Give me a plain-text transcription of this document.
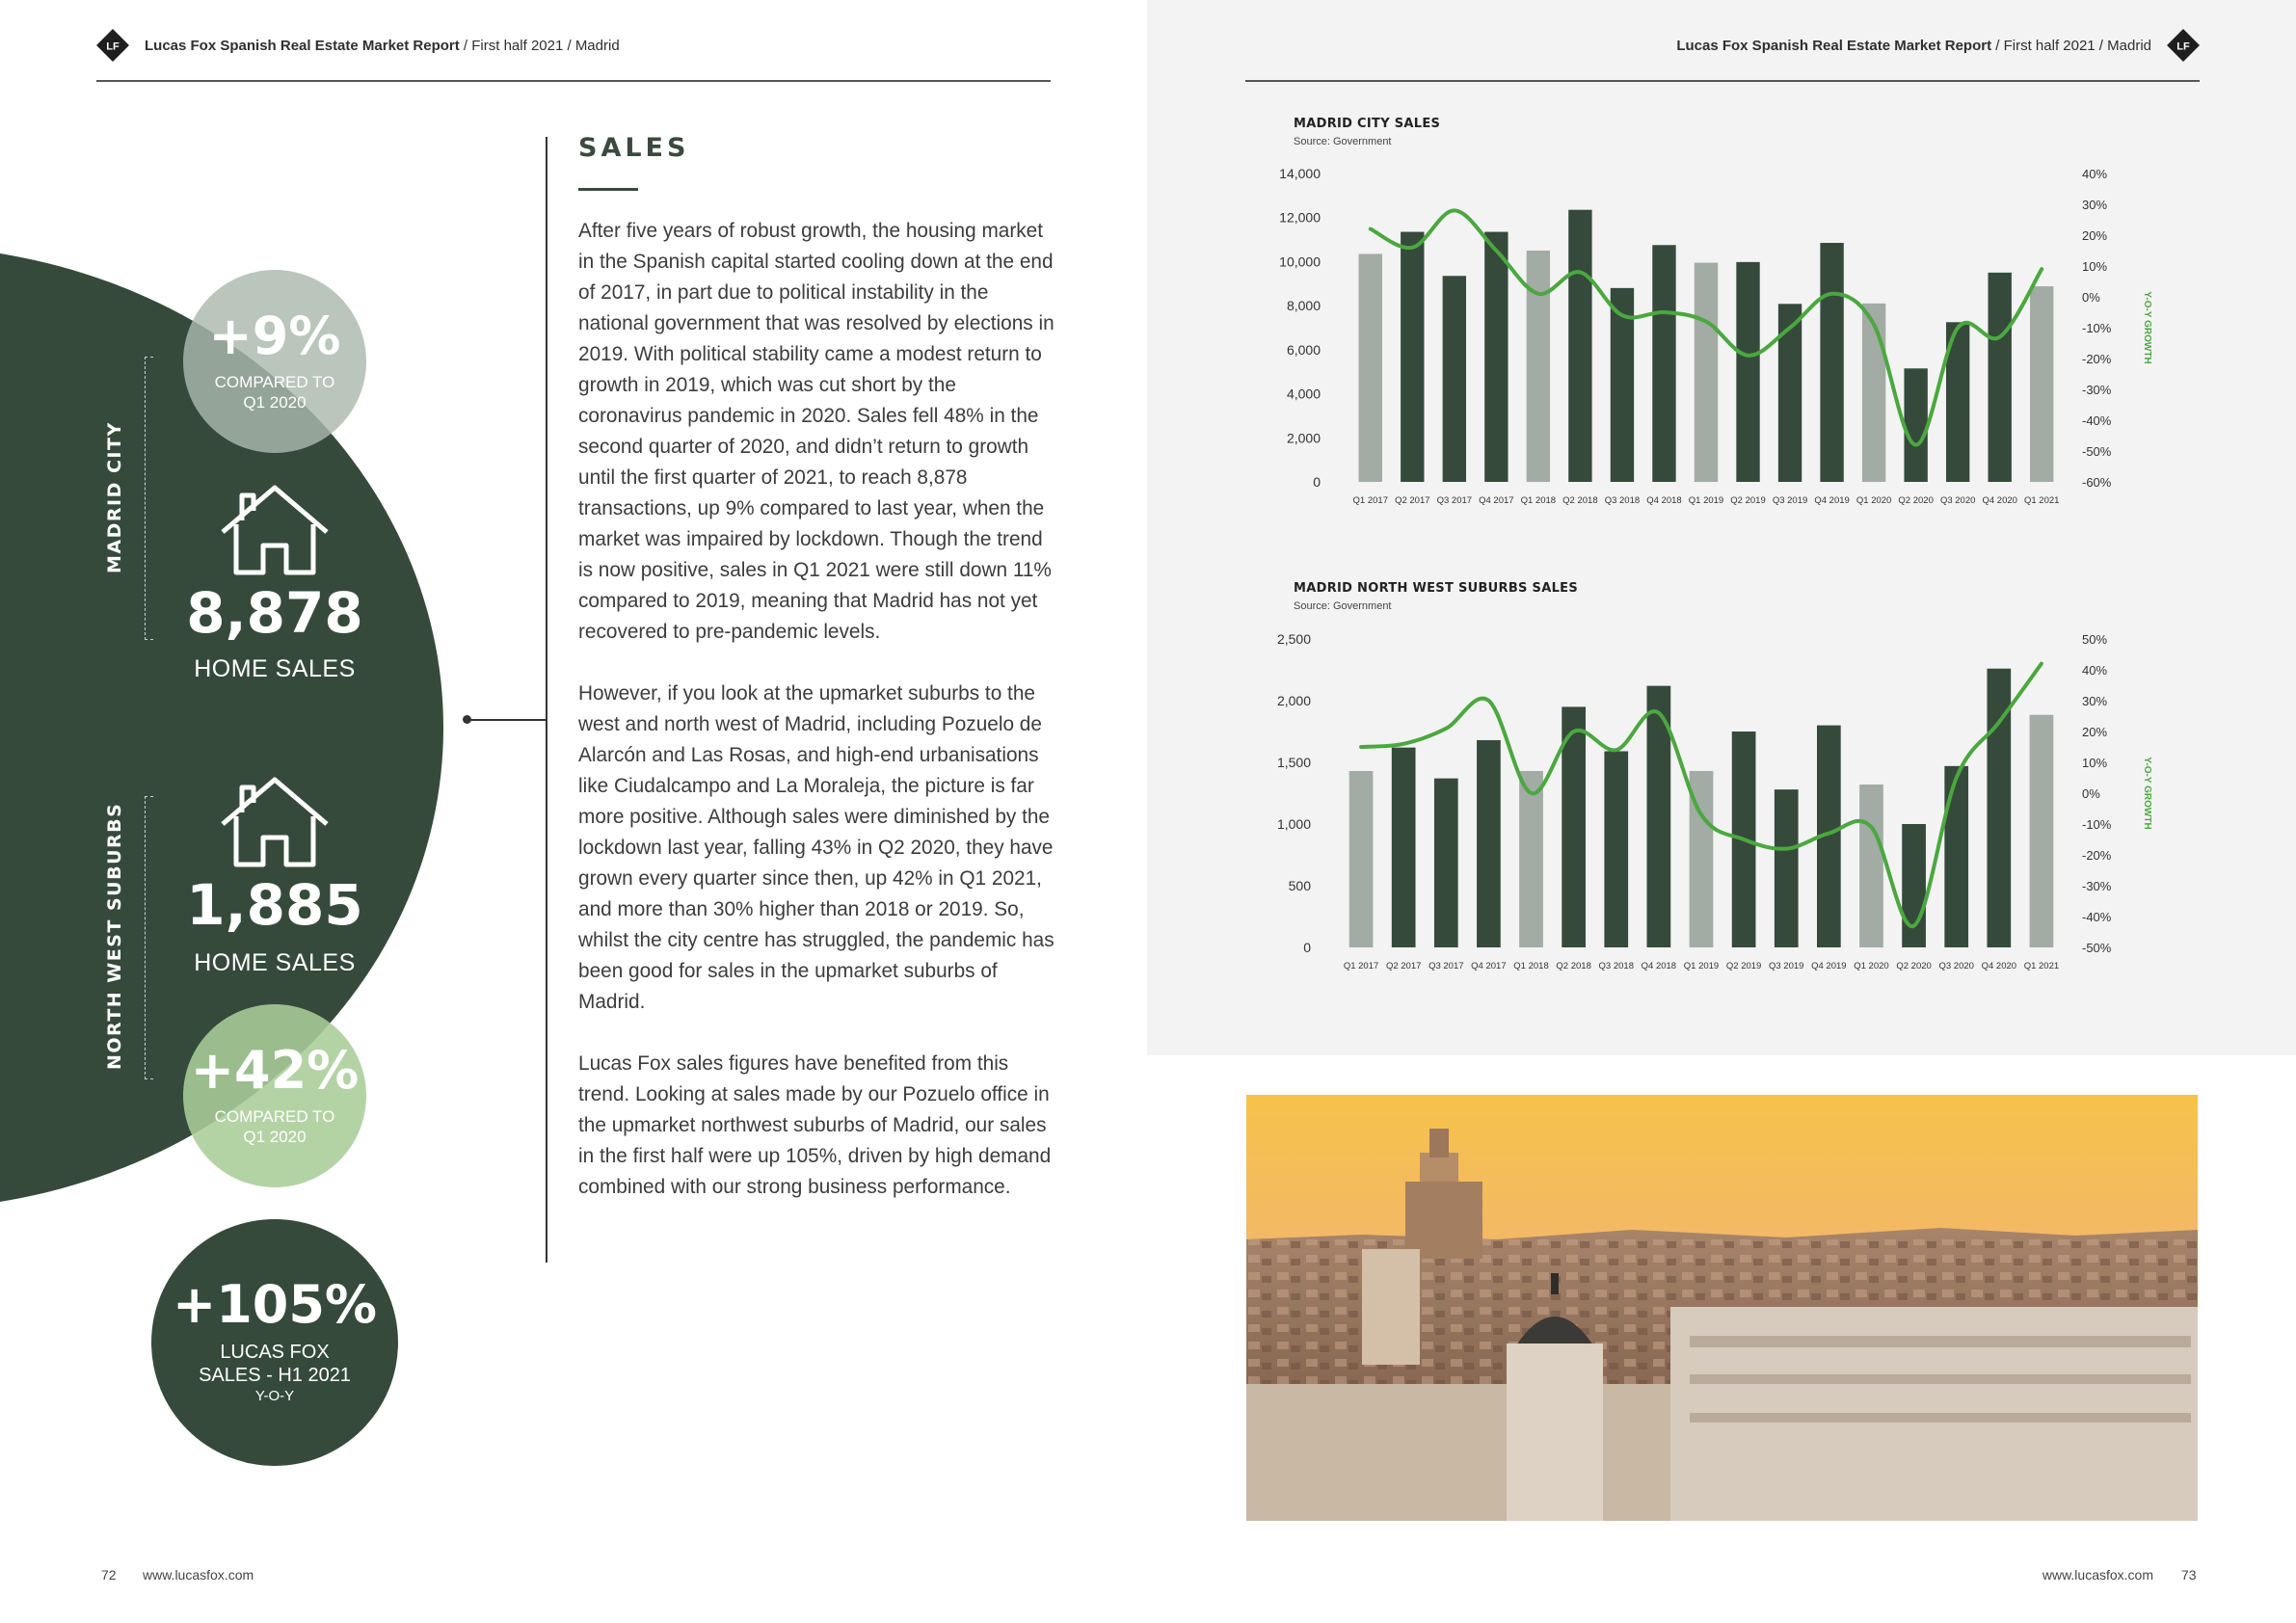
LF Lucas Fox Spanish Real Estate Market Report / First half 2021 / Madrid	Lucas Fox Spanish Real Estate Market Report / First half 2021 / Madrid LF
MADRID CITY
+9%
COMPARED TO
Q1 2020
8,878
HOME SALES
NORTH WEST SUBURBS	1,885
HOME SALES
+42%
COMPARED TO
Q1 2020
+105%
LUCAS FOX
SALES - H1 2021
Y-O-Y
SALES

After five years of robust growth, the housing market in the Spanish capital started cooling down at the end of 2017, in part due to political instability in the national government that was resolved by elections in 2019. With political stability came a modest return to growth in 2019, which was cut short by the coronavirus pandemic in 2020. Sales fell 48% in the second quarter of 2020, and didn’t return to growth until the first quarter of 2021, to reach 8,878 transactions, up 9% compared to last year, when the market was impaired by lockdown. Though the trend is now positive, sales in Q1 2021 were still down 11% compared to 2019, meaning that Madrid has not yet recovered to pre-pandemic levels.

However, if you look at the upmarket suburbs to the west and north west of Madrid, including Pozuelo de Alarcón and Las Rosas, and high-end urbanisations like Ciudalcampo and La Moraleja, the picture is far more positive. Although sales were diminished by the lockdown last year, falling 43% in Q2 2020, they have grown every quarter since then, up 42% in Q1 2021, and more than 30% higher than 2018 or 2019. So, whilst the city centre has struggled, the pandemic has been good for sales in the upmarket suburbs of Madrid.

Lucas Fox sales figures have benefited from this trend. Looking at sales made by our Pozuelo office in the upmarket northwest suburbs of Madrid, our sales in the first half were up 105%, driven by high demand combined with our strong business performance.

MADRID CITY SALES
Source: Government
0
2,000
4,000
6,000
8,000
10,000
12,000
14,000
-60%
-50%
-40%
-30%
-20%
-10%
0%
10%
20%
30%
40%
Y-O-Y GROWTH
Q1 2017 Q2 2017 Q3 2017 Q4 2017 Q1 2018 Q2 2018 Q3 2018 Q4 2018 Q1 2019 Q2 2019 Q3 2019 Q4 2019 Q1 2020 Q2 2020 Q3 2020 Q4 2020 Q1 2021
MADRID NORTH WEST SUBURBS SALES
Source: Government
0
500
1,000
1,500
2,000
2,500
-50%
-40%
-30%
-20%
-10%
0%
10%
20%
30%
40%
50%
Y-O-Y GROWTH
Q1 2017 Q2 2017 Q3 2017 Q4 2017 Q1 2018 Q2 2018 Q3 2018 Q4 2018 Q1 2019 Q2 2019 Q3 2019 Q4 2019 Q1 2020 Q2 2020 Q3 2020 Q4 2020 Q1 2021
72 www.lucasfox.com	www.lucasfox.com 73
